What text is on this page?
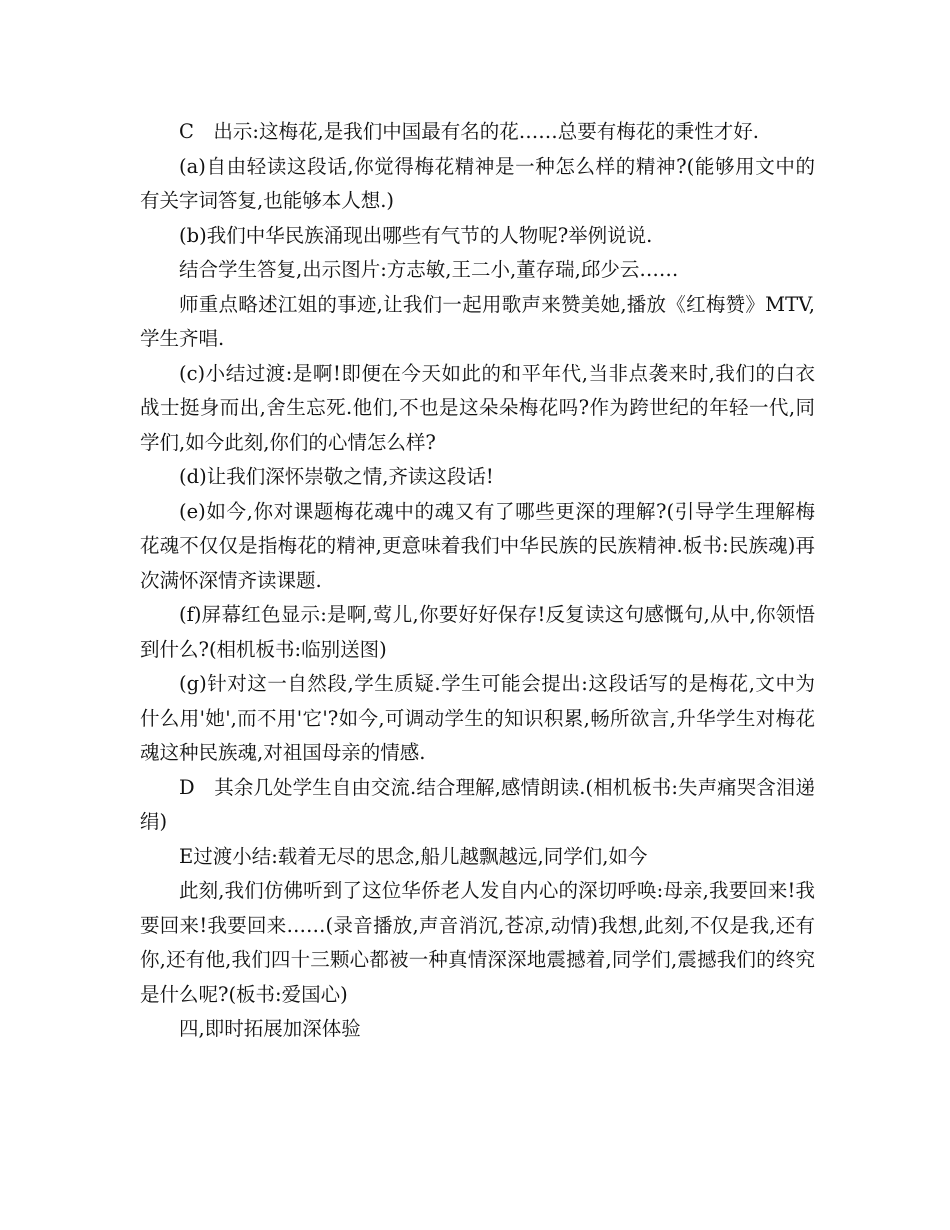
C　出示:这梅花,是我们中国最有名的花……总要有梅花的秉性才好.

(a)自由轻读这段话,你觉得梅花精神是一种怎么样的精神?(能够用文中的有关字词答复,也能够本人想.)

(b)我们中华民族涌现出哪些有气节的人物呢?举例说说.

结合学生答复,出示图片:方志敏,王二小,董存瑞,邱少云……

师重点略述江姐的事迹,让我们一起用歌声来赞美她,播放《红梅赞》MTV,学生齐唱.

(c)小结过渡:是啊!即便在今天如此的和平年代,当非点袭来时,我们的白衣战士挺身而出,舍生忘死.他们,不也是这朵朵梅花吗?作为跨世纪的年轻一代,同学们,如今此刻,你们的心情怎么样?

(d)让我们深怀崇敬之情,齐读这段话!

(e)如今,你对课题梅花魂中的魂又有了哪些更深的理解?(引导学生理解梅花魂不仅仅是指梅花的精神,更意味着我们中华民族的民族精神.板书:民族魂)再次满怀深情齐读课题.

(f)屏幕红色显示:是啊,莺儿,你要好好保存!反复读这句感慨句,从中,你领悟到什么?(相机板书:临别送图)

(g)针对这一自然段,学生质疑.学生可能会提出:这段话写的是梅花,文中为什么用'她',而不用'它'?如今,可调动学生的知识积累,畅所欲言,升华学生对梅花魂这种民族魂,对祖国母亲的情感.

D　其余几处学生自由交流.结合理解,感情朗读.(相机板书:失声痛哭含泪递绢)

E过渡小结:载着无尽的思念,船儿越飘越远,同学们,如今

此刻,我们仿佛听到了这位华侨老人发自内心的深切呼唤:母亲,我要回来!我要回来!我要回来……(录音播放,声音消沉,苍凉,动情)我想,此刻,不仅是我,还有你,还有他,我们四十三颗心都被一种真情深深地震撼着,同学们,震撼我们的终究是什么呢?(板书:爱国心)

四,即时拓展加深体验
